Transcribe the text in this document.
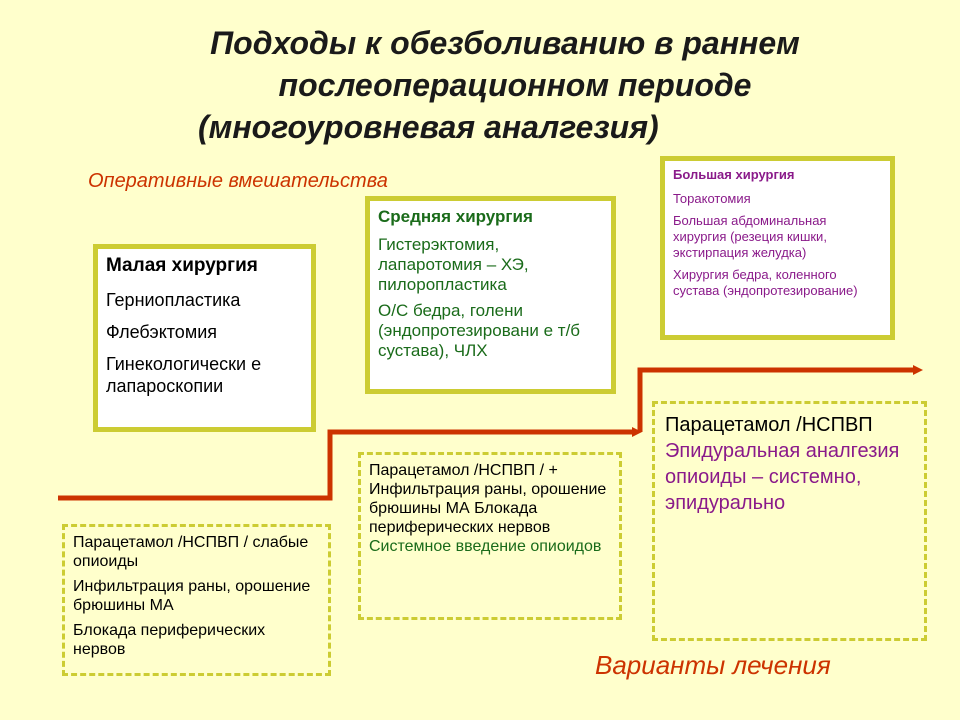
Подходы к обезболиванию в раннем
послеоперационном периоде
(многоуровневая аналгезия)
Оперативные вмешательства

Малая хирургия

Герниопластика

Флебэктомия

Гинекологически е лапароскопии

Средняя хирургия

Гистерэктомия, лапаротомия – ХЭ, пилоропластика

О/С бедра, голени (эндопротезировани е т/б сустава), ЧЛХ

Большая хирургия

Торакотомия

Большая абдоминальная хирургия (резеция кишки, экстирпация желудка)

Хирургия бедра, коленного сустава (эндопротезирование)

Парацетамол /НСПВП / слабые опиоиды

Инфильтрация раны, орошение брюшины МА

Блокада периферических нервов

Парацетамол /НСПВП / + Инфильтрация раны, орошение брюшины МА Блокада периферических нервов

Системное введение опиоидов

Парацетамол /НСПВП

Эпидуральная аналгезия опиоиды – системно, эпидурально

Варианты лечения
